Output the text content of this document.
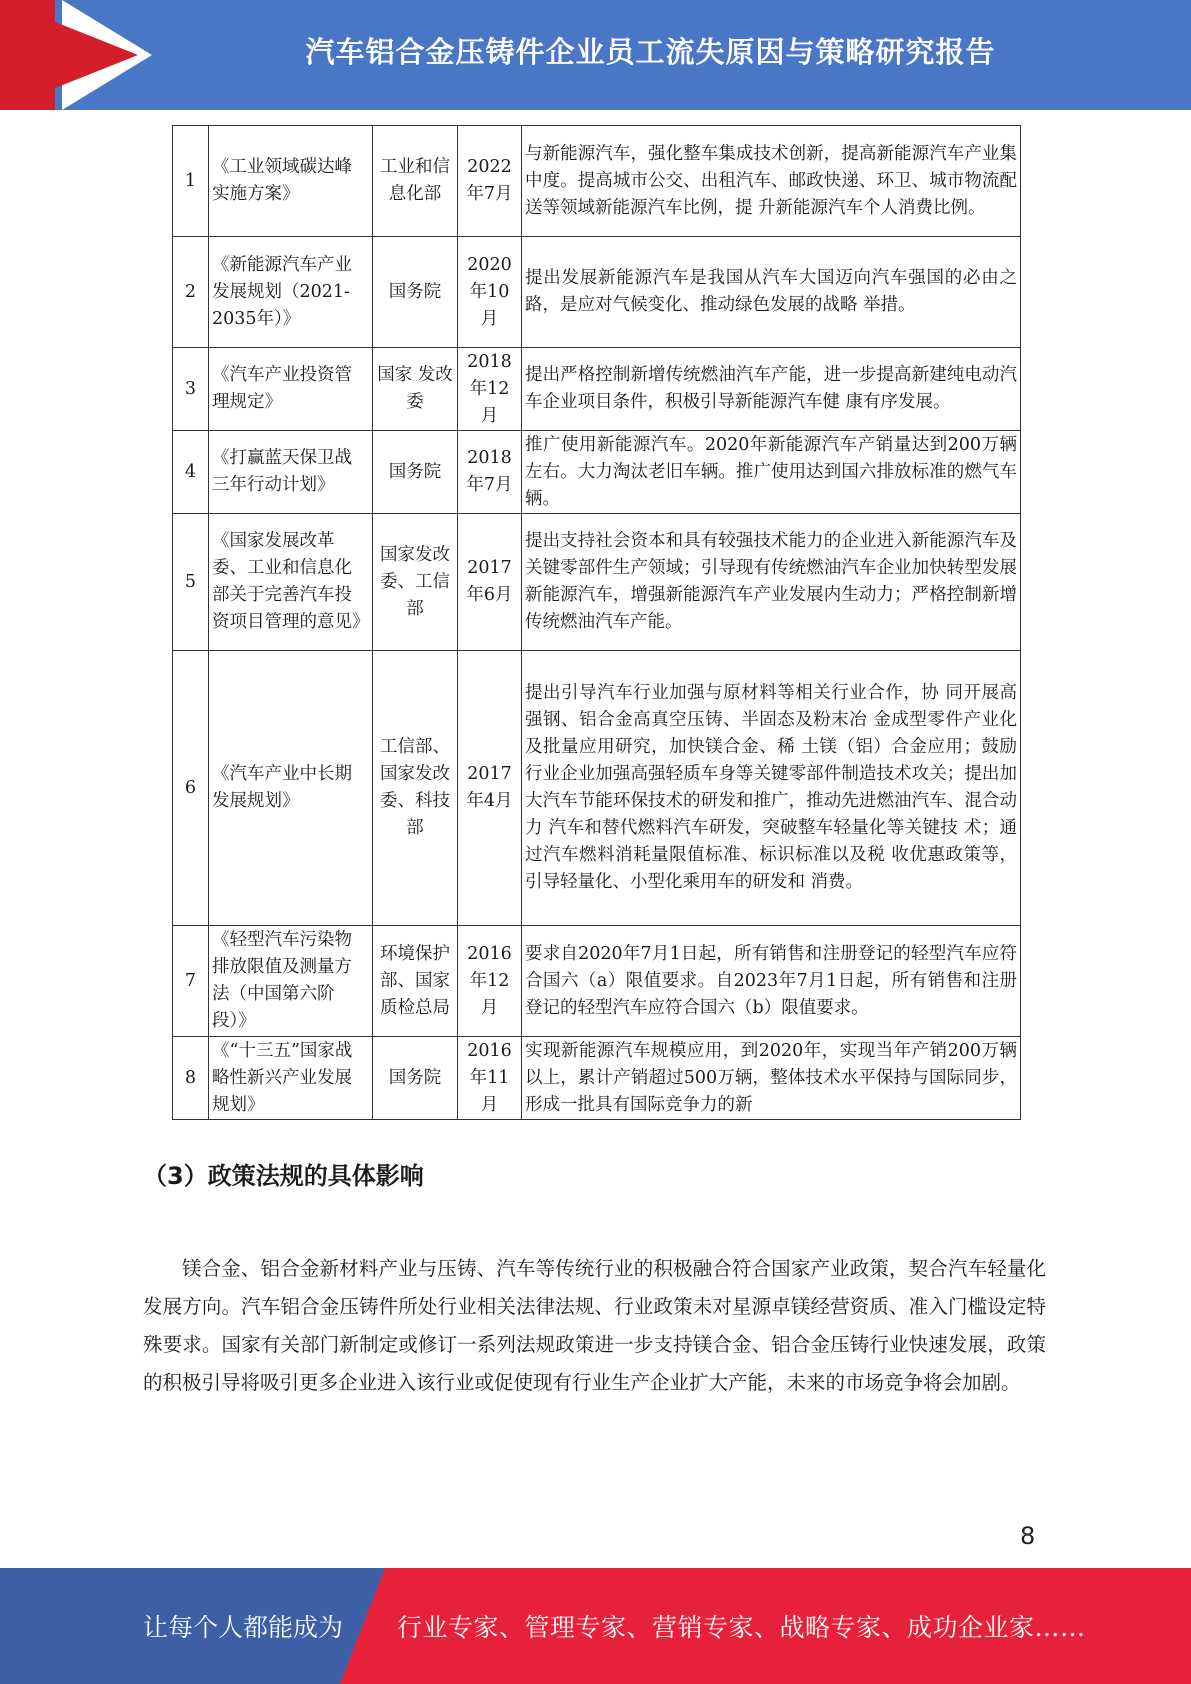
汽车铝合金压铸件企业员工流失原因与策略研究报告
1	《工业领域碳达峰实施方案》	工业和信息化部	2022年7月	与新能源汽车，强化整车集成技术创新，提高新能源汽车产业集中度。提高城市公交、出租汽车、邮政快递、环卫、城市物流配送等领域新能源汽车比例，提 升新能源汽车个人消费比例。
2	《新能源汽车产业发展规划（2021-2035年）》	国务院	2020年10月	提出发展新能源汽车是我国从汽车大国迈向汽车强国的必由之路，是应对气候变化、推动绿色发展的战略 举措。
3	《汽车产业投资管理规定》	国家 发改委	2018年12月	提出严格控制新增传统燃油汽车产能，进一步提高新建纯电动汽车企业项目条件，积极引导新能源汽车健 康有序发展。
4	《打赢蓝天保卫战三年行动计划》	国务院	2018年7月	推广使用新能源汽车。2020年新能源汽车产销量达到200万辆左右。大力淘汰老旧车辆。推广使用达到国六排放标准的燃气车辆。
5	《国家发展改革委、工业和信息化部关于完善汽车投资项目管理的意见》	国家发改委、工信部	2017年6月	提出支持社会资本和具有较强技术能力的企业进入新能源汽车及关键零部件生产领域；引导现有传统燃油汽车企业加快转型发展新能源汽车，增强新能源汽车产业发展内生动力；严格控制新增传统燃油汽车产能。
6	《汽车产业中长期发展规划》	工信部、国家发改委、科技部	2017年4月	提出引导汽车行业加强与原材料等相关行业合作，协 同开展高强钢、铝合金高真空压铸、半固态及粉末冶 金成型零件产业化及批量应用研究，加快镁合金、稀 土镁（铝）合金应用；鼓励行业企业加强高强轻质车身等关键零部件制造技术攻关；提出加大汽车节能环保技术的研发和推广，推动先进燃油汽车、混合动力 汽车和替代燃料汽车研发，突破整车轻量化等关键技 术；通过汽车燃料消耗量限值标准、标识标准以及税 收优惠政策等，引导轻量化、小型化乘用车的研发和 消费。
7	《轻型汽车污染物排放限值及测量方法（中国第六阶段）》	环境保护部、国家质检总局	2016年12月	要求自2020年7月1日起，所有销售和注册登记的轻型汽车应符合国六（a）限值要求。自2023年7月1日起，所有销售和注册登记的轻型汽车应符合国六（b）限值要求。
8	《“十三五”国家战略性新兴产业发展规划》	国务院	2016年11月	实现新能源汽车规模应用，到2020年，实现当年产销200万辆以上，累计产销超过500万辆，整体技术水平保持与国际同步，形成一批具有国际竞争力的新
（3）政策法规的具体影响

镁合金、铝合金新材料产业与压铸、汽车等传统行业的积极融合符合国家产业政策，契合汽车轻量化发展方向。汽车铝合金压铸件所处行业相关法律法规、行业政策未对星源卓镁经营资质、准入门槛设定特殊要求。国家有关部门新制定或修订一系列法规政策进一步支持镁合金、铝合金压铸行业快速发展，政策的积极引导将吸引更多企业进入该行业或促使现有行业生产企业扩大产能，未来的市场竞争将会加剧。

8
让每个人都能成为 行业专家、管理专家、营销专家、战略专家、成功企业家……
